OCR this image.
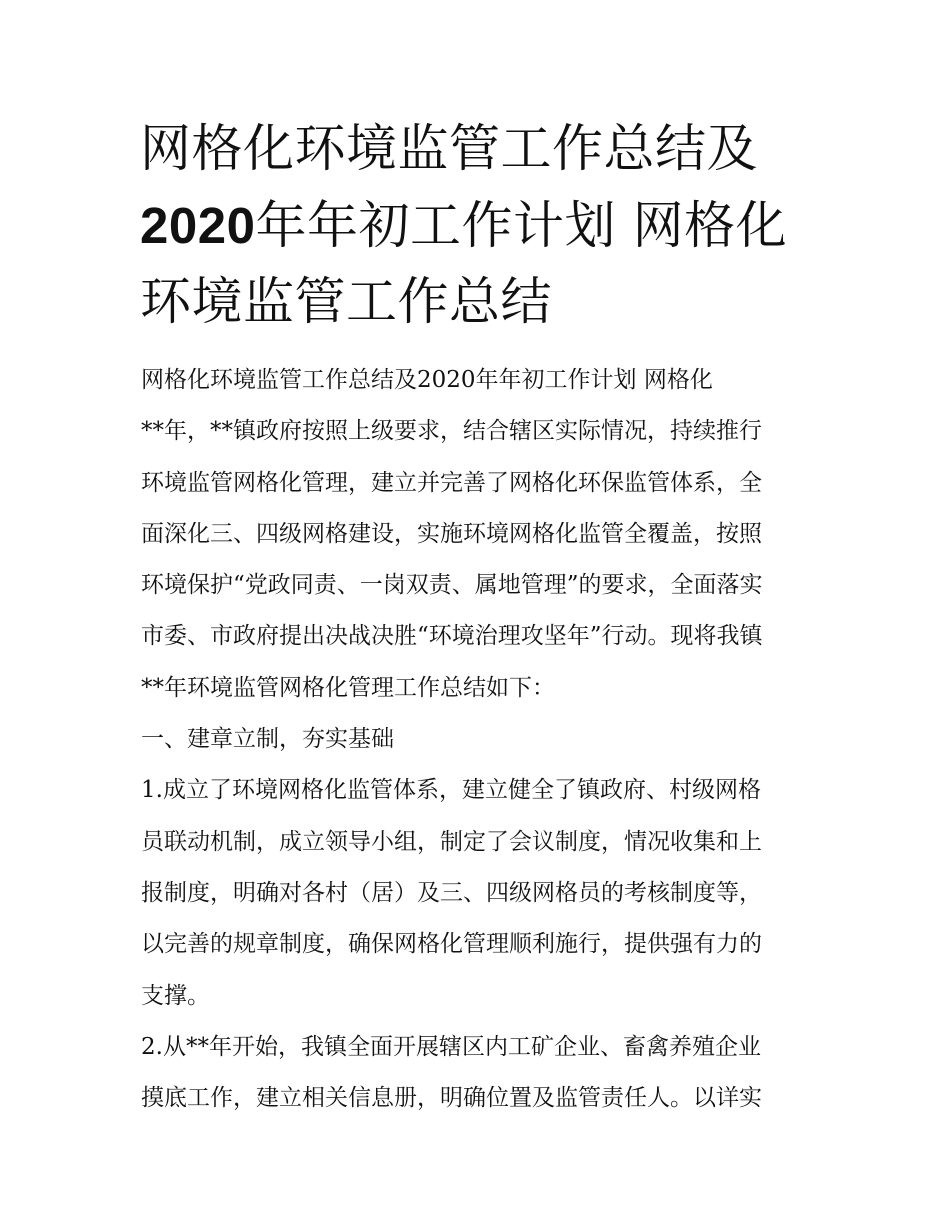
网格化环境监管工作总结及
2020年年初工作计划 网格化
环境监管工作总结
网格化环境监管工作总结及2020年年初工作计划 网格化
**年，**镇政府按照上级要求，结合辖区实际情况，持续推行
环境监管网格化管理，建立并完善了网格化环保监管体系，全
面深化三、四级网格建设，实施环境网格化监管全覆盖，按照
环境保护“党政同责、一岗双责、属地管理”的要求，全面落实
市委、市政府提出决战决胜“环境治理攻坚年”行动。现将我镇
**年环境监管网格化管理工作总结如下：
一、建章立制，夯实基础
1.成立了环境网格化监管体系，建立健全了镇政府、村级网格
员联动机制，成立领导小组，制定了会议制度，情况收集和上
报制度，明确对各村（居）及三、四级网格员的考核制度等，
以完善的规章制度，确保网格化管理顺利施行，提供强有力的
支撑。
2.从**年开始，我镇全面开展辖区内工矿企业、畜禽养殖企业
摸底工作，建立相关信息册，明确位置及监管责任人。以详实
